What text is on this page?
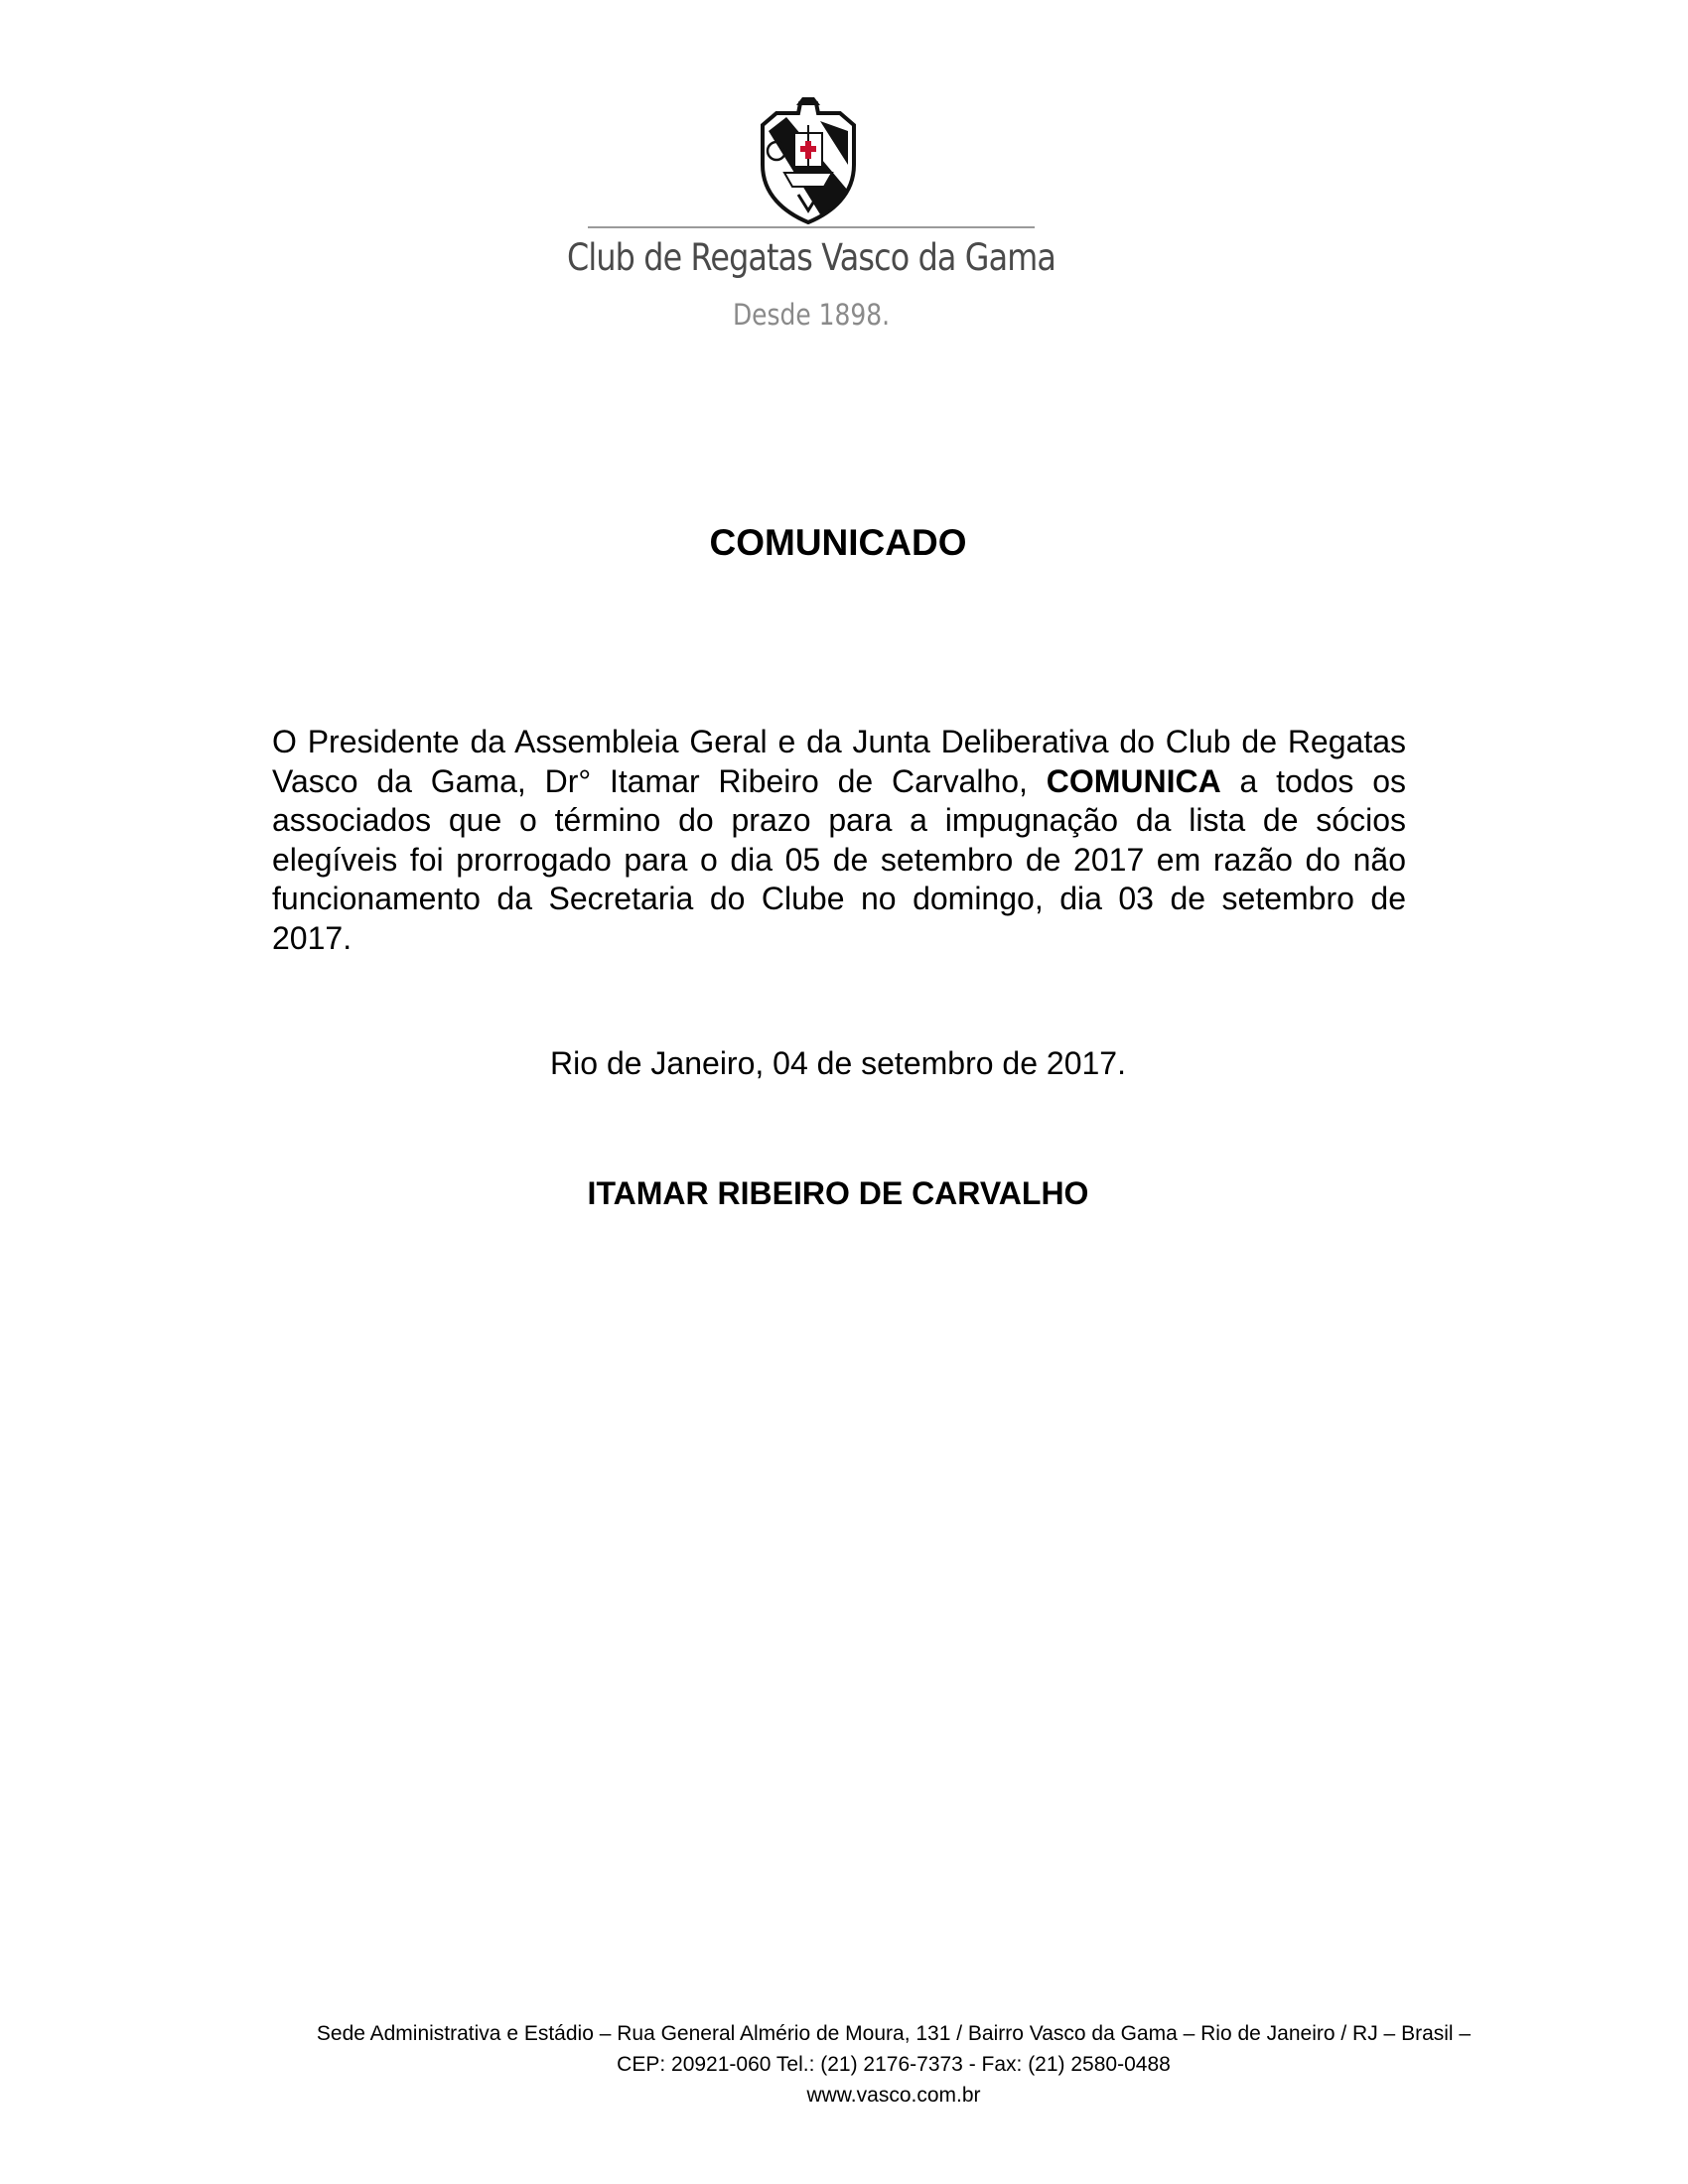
Club de Regatas Vasco da Gama
Desde 1898.
COMUNICADO
O Presidente da Assembleia Geral e da Junta Deliberativa do Club de Regatas Vasco da Gama, Dr° Itamar Ribeiro de Carvalho, COMUNICA a todos os associados que o término do prazo para a impugnação da lista de sócios elegíveis foi prorrogado para o dia 05 de setembro de 2017 em razão do não funcionamento da Secretaria do Clube no domingo, dia 03 de setembro de 2017.
Rio de Janeiro, 04 de setembro de 2017.
ITAMAR RIBEIRO DE CARVALHO
Sede Administrativa e Estádio – Rua General Almério de Moura, 131 / Bairro Vasco da Gama – Rio de Janeiro / RJ – Brasil –
CEP: 20921-060 Tel.: (21) 2176-7373 - Fax: (21) 2580-0488
www.vasco.com.br
